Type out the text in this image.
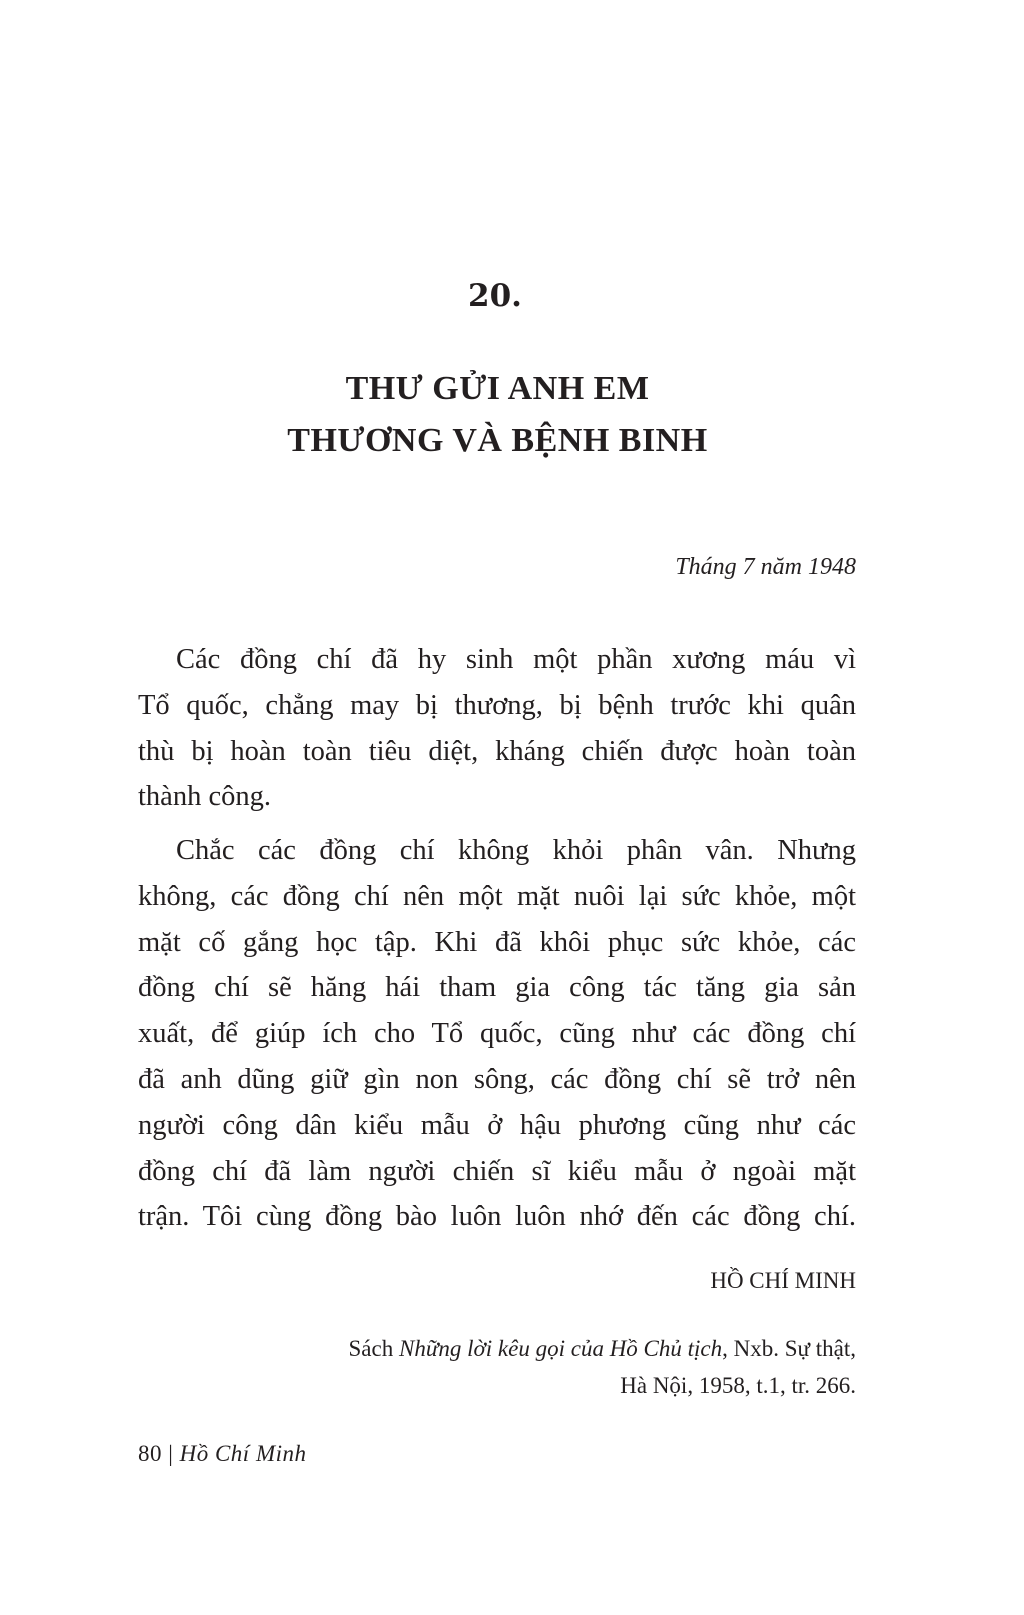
20.
THƯ GỬI ANH EM
THƯƠNG VÀ BỆNH BINH
Tháng 7 năm 1948
Các đồng chí đã hy sinh một phần xương máu vì
Tổ quốc, chẳng may bị thương, bị bệnh trước khi quân
thù bị hoàn toàn tiêu diệt, kháng chiến được hoàn toàn
thành công.
Chắc các đồng chí không khỏi phân vân. Nhưng
không, các đồng chí nên một mặt nuôi lại sức khỏe, một
mặt cố gắng học tập. Khi đã khôi phục sức khỏe, các
đồng chí sẽ hăng hái tham gia công tác tăng gia sản
xuất, để giúp ích cho Tổ quốc, cũng như các đồng chí
đã anh dũng giữ gìn non sông, các đồng chí sẽ trở nên
người công dân kiểu mẫu ở hậu phương cũng như các
đồng chí đã làm người chiến sĩ kiểu mẫu ở ngoài mặt
trận. Tôi cùng đồng bào luôn luôn nhớ đến các đồng chí.
HỒ CHÍ MINH
Sách Những lời kêu gọi của Hồ Chủ tịch, Nxb. Sự thật,
Hà Nội, 1958, t.1, tr. 266.
80 | Hồ Chí Minh
